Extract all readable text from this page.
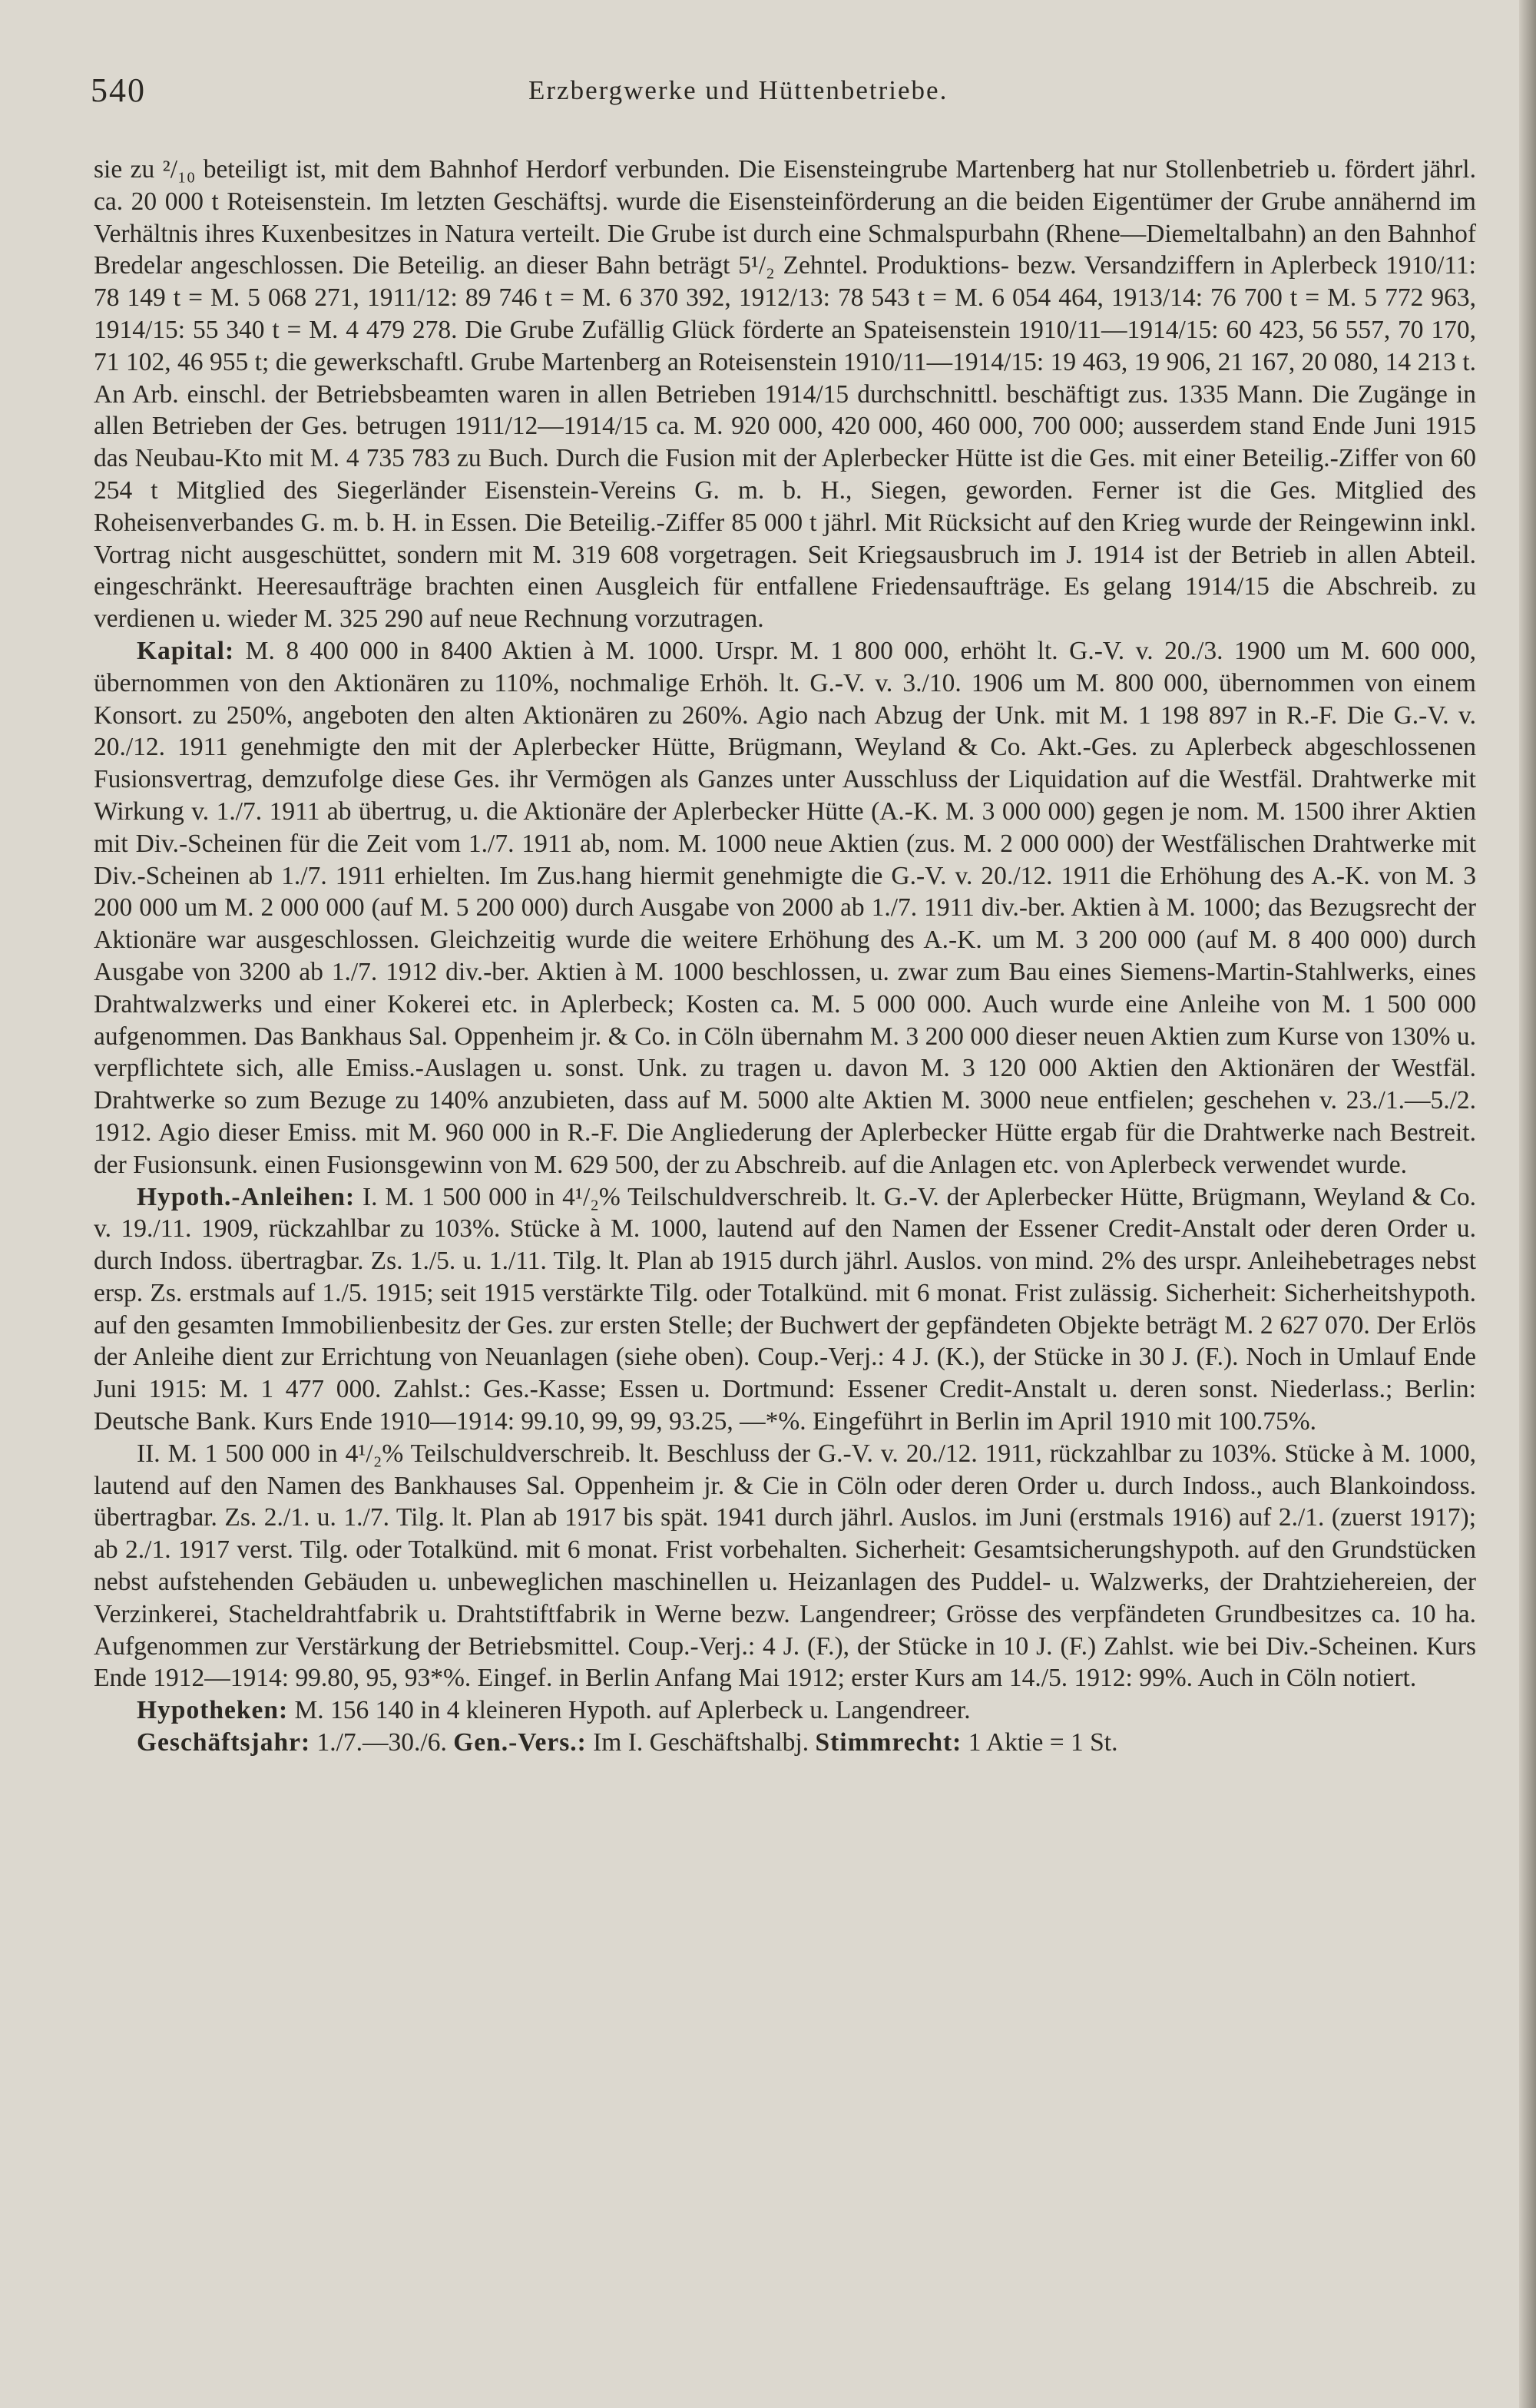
540	Erzbergwerke und Hüttenbetriebe.

sie zu ²/₁₀ beteiligt ist, mit dem Bahnhof Herdorf verbunden. Die Eisensteingrube Martenberg hat nur Stollenbetrieb u. fördert jährl. ca. 20 000 t Roteisenstein. Im letzten Geschäftsj. wurde die Eisensteinförderung an die beiden Eigentümer der Grube annähernd im Verhältnis ihres Kuxenbesitzes in Natura verteilt. Die Grube ist durch eine Schmalspurbahn (Rhene—Diemeltalbahn) an den Bahnhof Bredelar angeschlossen. Die Beteilig. an dieser Bahn beträgt 5¹/₂ Zehntel. Produktions- bezw. Versandziffern in Aplerbeck 1910/11: 78 149 t = M. 5 068 271, 1911/12: 89 746 t = M. 6 370 392, 1912/13: 78 543 t = M. 6 054 464, 1913/14: 76 700 t = M. 5 772 963, 1914/15: 55 340 t = M. 4 479 278. Die Grube Zufällig Glück förderte an Spateisenstein 1910/11—1914/15: 60 423, 56 557, 70 170, 71 102, 46 955 t; die gewerkschaftl. Grube Martenberg an Roteisenstein 1910/11—1914/15: 19 463, 19 906, 21 167, 20 080, 14 213 t. An Arb. einschl. der Betriebsbeamten waren in allen Betrieben 1914/15 durchschnittl. beschäftigt zus. 1335 Mann. Die Zugänge in allen Betrieben der Ges. betrugen 1911/12—1914/15 ca. M. 920 000, 420 000, 460 000, 700 000; ausserdem stand Ende Juni 1915 das Neubau-Kto mit M. 4 735 783 zu Buch. Durch die Fusion mit der Aplerbecker Hütte ist die Ges. mit einer Beteilig.-Ziffer von 60 254 t Mitglied des Siegerländer Eisenstein-Vereins G. m. b. H., Siegen, geworden. Ferner ist die Ges. Mitglied des Roheisenverbandes G. m. b. H. in Essen. Die Beteilig.-Ziffer 85 000 t jährl. Mit Rücksicht auf den Krieg wurde der Reingewinn inkl. Vortrag nicht ausgeschüttet, sondern mit M. 319 608 vorgetragen. Seit Kriegsausbruch im J. 1914 ist der Betrieb in allen Abteil. eingeschränkt. Heeresaufträge brachten einen Ausgleich für entfallene Friedensaufträge. Es gelang 1914/15 die Abschreib. zu verdienen u. wieder M. 325 290 auf neue Rechnung vorzutragen.

Kapital: M. 8 400 000 in 8400 Aktien à M. 1000. Urspr. M. 1 800 000, erhöht lt. G.-V. v. 20./3. 1900 um M. 600 000, übernommen von den Aktionären zu 110%, nochmalige Erhöh. lt. G.-V. v. 3./10. 1906 um M. 800 000, übernommen von einem Konsort. zu 250%, angeboten den alten Aktionären zu 260%. Agio nach Abzug der Unk. mit M. 1 198 897 in R.-F. Die G.-V. v. 20./12. 1911 genehmigte den mit der Aplerbecker Hütte, Brügmann, Weyland & Co. Akt.-Ges. zu Aplerbeck abgeschlossenen Fusionsvertrag, demzufolge diese Ges. ihr Vermögen als Ganzes unter Ausschluss der Liquidation auf die Westfäl. Drahtwerke mit Wirkung v. 1./7. 1911 ab übertrug, u. die Aktionäre der Aplerbecker Hütte (A.-K. M. 3 000 000) gegen je nom. M. 1500 ihrer Aktien mit Div.-Scheinen für die Zeit vom 1./7. 1911 ab, nom. M. 1000 neue Aktien (zus. M. 2 000 000) der Westfälischen Drahtwerke mit Div.-Scheinen ab 1./7. 1911 erhielten. Im Zus.hang hiermit genehmigte die G.-V. v. 20./12. 1911 die Erhöhung des A.-K. von M. 3 200 000 um M. 2 000 000 (auf M. 5 200 000) durch Ausgabe von 2000 ab 1./7. 1911 div.-ber. Aktien à M. 1000; das Bezugsrecht der Aktionäre war ausgeschlossen. Gleichzeitig wurde die weitere Erhöhung des A.-K. um M. 3 200 000 (auf M. 8 400 000) durch Ausgabe von 3200 ab 1./7. 1912 div.-ber. Aktien à M. 1000 beschlossen, u. zwar zum Bau eines Siemens-Martin-Stahlwerks, eines Drahtwalzwerks und einer Kokerei etc. in Aplerbeck; Kosten ca. M. 5 000 000. Auch wurde eine Anleihe von M. 1 500 000 aufgenommen. Das Bankhaus Sal. Oppenheim jr. & Co. in Cöln übernahm M. 3 200 000 dieser neuen Aktien zum Kurse von 130% u. verpflichtete sich, alle Emiss.-Auslagen u. sonst. Unk. zu tragen u. davon M. 3 120 000 Aktien den Aktionären der Westfäl. Drahtwerke so zum Bezuge zu 140% anzubieten, dass auf M. 5000 alte Aktien M. 3000 neue entfielen; geschehen v. 23./1.—5./2. 1912. Agio dieser Emiss. mit M. 960 000 in R.-F. Die Angliederung der Aplerbecker Hütte ergab für die Drahtwerke nach Bestreit. der Fusionsunk. einen Fusionsgewinn von M. 629 500, der zu Abschreib. auf die Anlagen etc. von Aplerbeck verwendet wurde.

Hypoth.-Anleihen: I. M. 1 500 000 in 4¹/₂% Teilschuldverschreib. lt. G.-V. der Aplerbecker Hütte, Brügmann, Weyland & Co. v. 19./11. 1909, rückzahlbar zu 103%. Stücke à M. 1000, lautend auf den Namen der Essener Credit-Anstalt oder deren Order u. durch Indoss. übertragbar. Zs. 1./5. u. 1./11. Tilg. lt. Plan ab 1915 durch jährl. Auslos. von mind. 2% des urspr. Anleihebetrages nebst ersp. Zs. erstmals auf 1./5. 1915; seit 1915 verstärkte Tilg. oder Totalkünd. mit 6 monat. Frist zulässig. Sicherheit: Sicherheitshypoth. auf den gesamten Immobilienbesitz der Ges. zur ersten Stelle; der Buchwert der gepfändeten Objekte beträgt M. 2 627 070. Der Erlös der Anleihe dient zur Errichtung von Neuanlagen (siehe oben). Coup.-Verj.: 4 J. (K.), der Stücke in 30 J. (F.). Noch in Umlauf Ende Juni 1915: M. 1 477 000. Zahlst.: Ges.-Kasse; Essen u. Dortmund: Essener Credit-Anstalt u. deren sonst. Niederlass.; Berlin: Deutsche Bank. Kurs Ende 1910—1914: 99.10, 99, 99, 93.25, —*%. Eingeführt in Berlin im April 1910 mit 100.75%.

II. M. 1 500 000 in 4¹/₂% Teilschuldverschreib. lt. Beschluss der G.-V. v. 20./12. 1911, rückzahlbar zu 103%. Stücke à M. 1000, lautend auf den Namen des Bankhauses Sal. Oppenheim jr. & Cie in Cöln oder deren Order u. durch Indoss., auch Blankoindoss. übertragbar. Zs. 2./1. u. 1./7. Tilg. lt. Plan ab 1917 bis spät. 1941 durch jährl. Auslos. im Juni (erstmals 1916) auf 2./1. (zuerst 1917); ab 2./1. 1917 verst. Tilg. oder Totalkünd. mit 6 monat. Frist vorbehalten. Sicherheit: Gesamtsicherungshypoth. auf den Grundstücken nebst aufstehenden Gebäuden u. unbeweglichen maschinellen u. Heizanlagen des Puddel- u. Walzwerks, der Drahtziehereien, der Verzinkerei, Stacheldrahtfabrik u. Drahtstiftfabrik in Werne bezw. Langendreer; Grösse des verpfändeten Grundbesitzes ca. 10 ha. Aufgenommen zur Verstärkung der Betriebsmittel. Coup.-Verj.: 4 J. (F.), der Stücke in 10 J. (F.) Zahlst. wie bei Div.-Scheinen. Kurs Ende 1912—1914: 99.80, 95, 93*%. Eingef. in Berlin Anfang Mai 1912; erster Kurs am 14./5. 1912: 99%. Auch in Cöln notiert.

Hypotheken: M. 156 140 in 4 kleineren Hypoth. auf Aplerbeck u. Langendreer.

Geschäftsjahr: 1./7.—30./6. Gen.-Vers.: Im I. Geschäftshalbj. Stimmrecht: 1 Aktie = 1 St.
